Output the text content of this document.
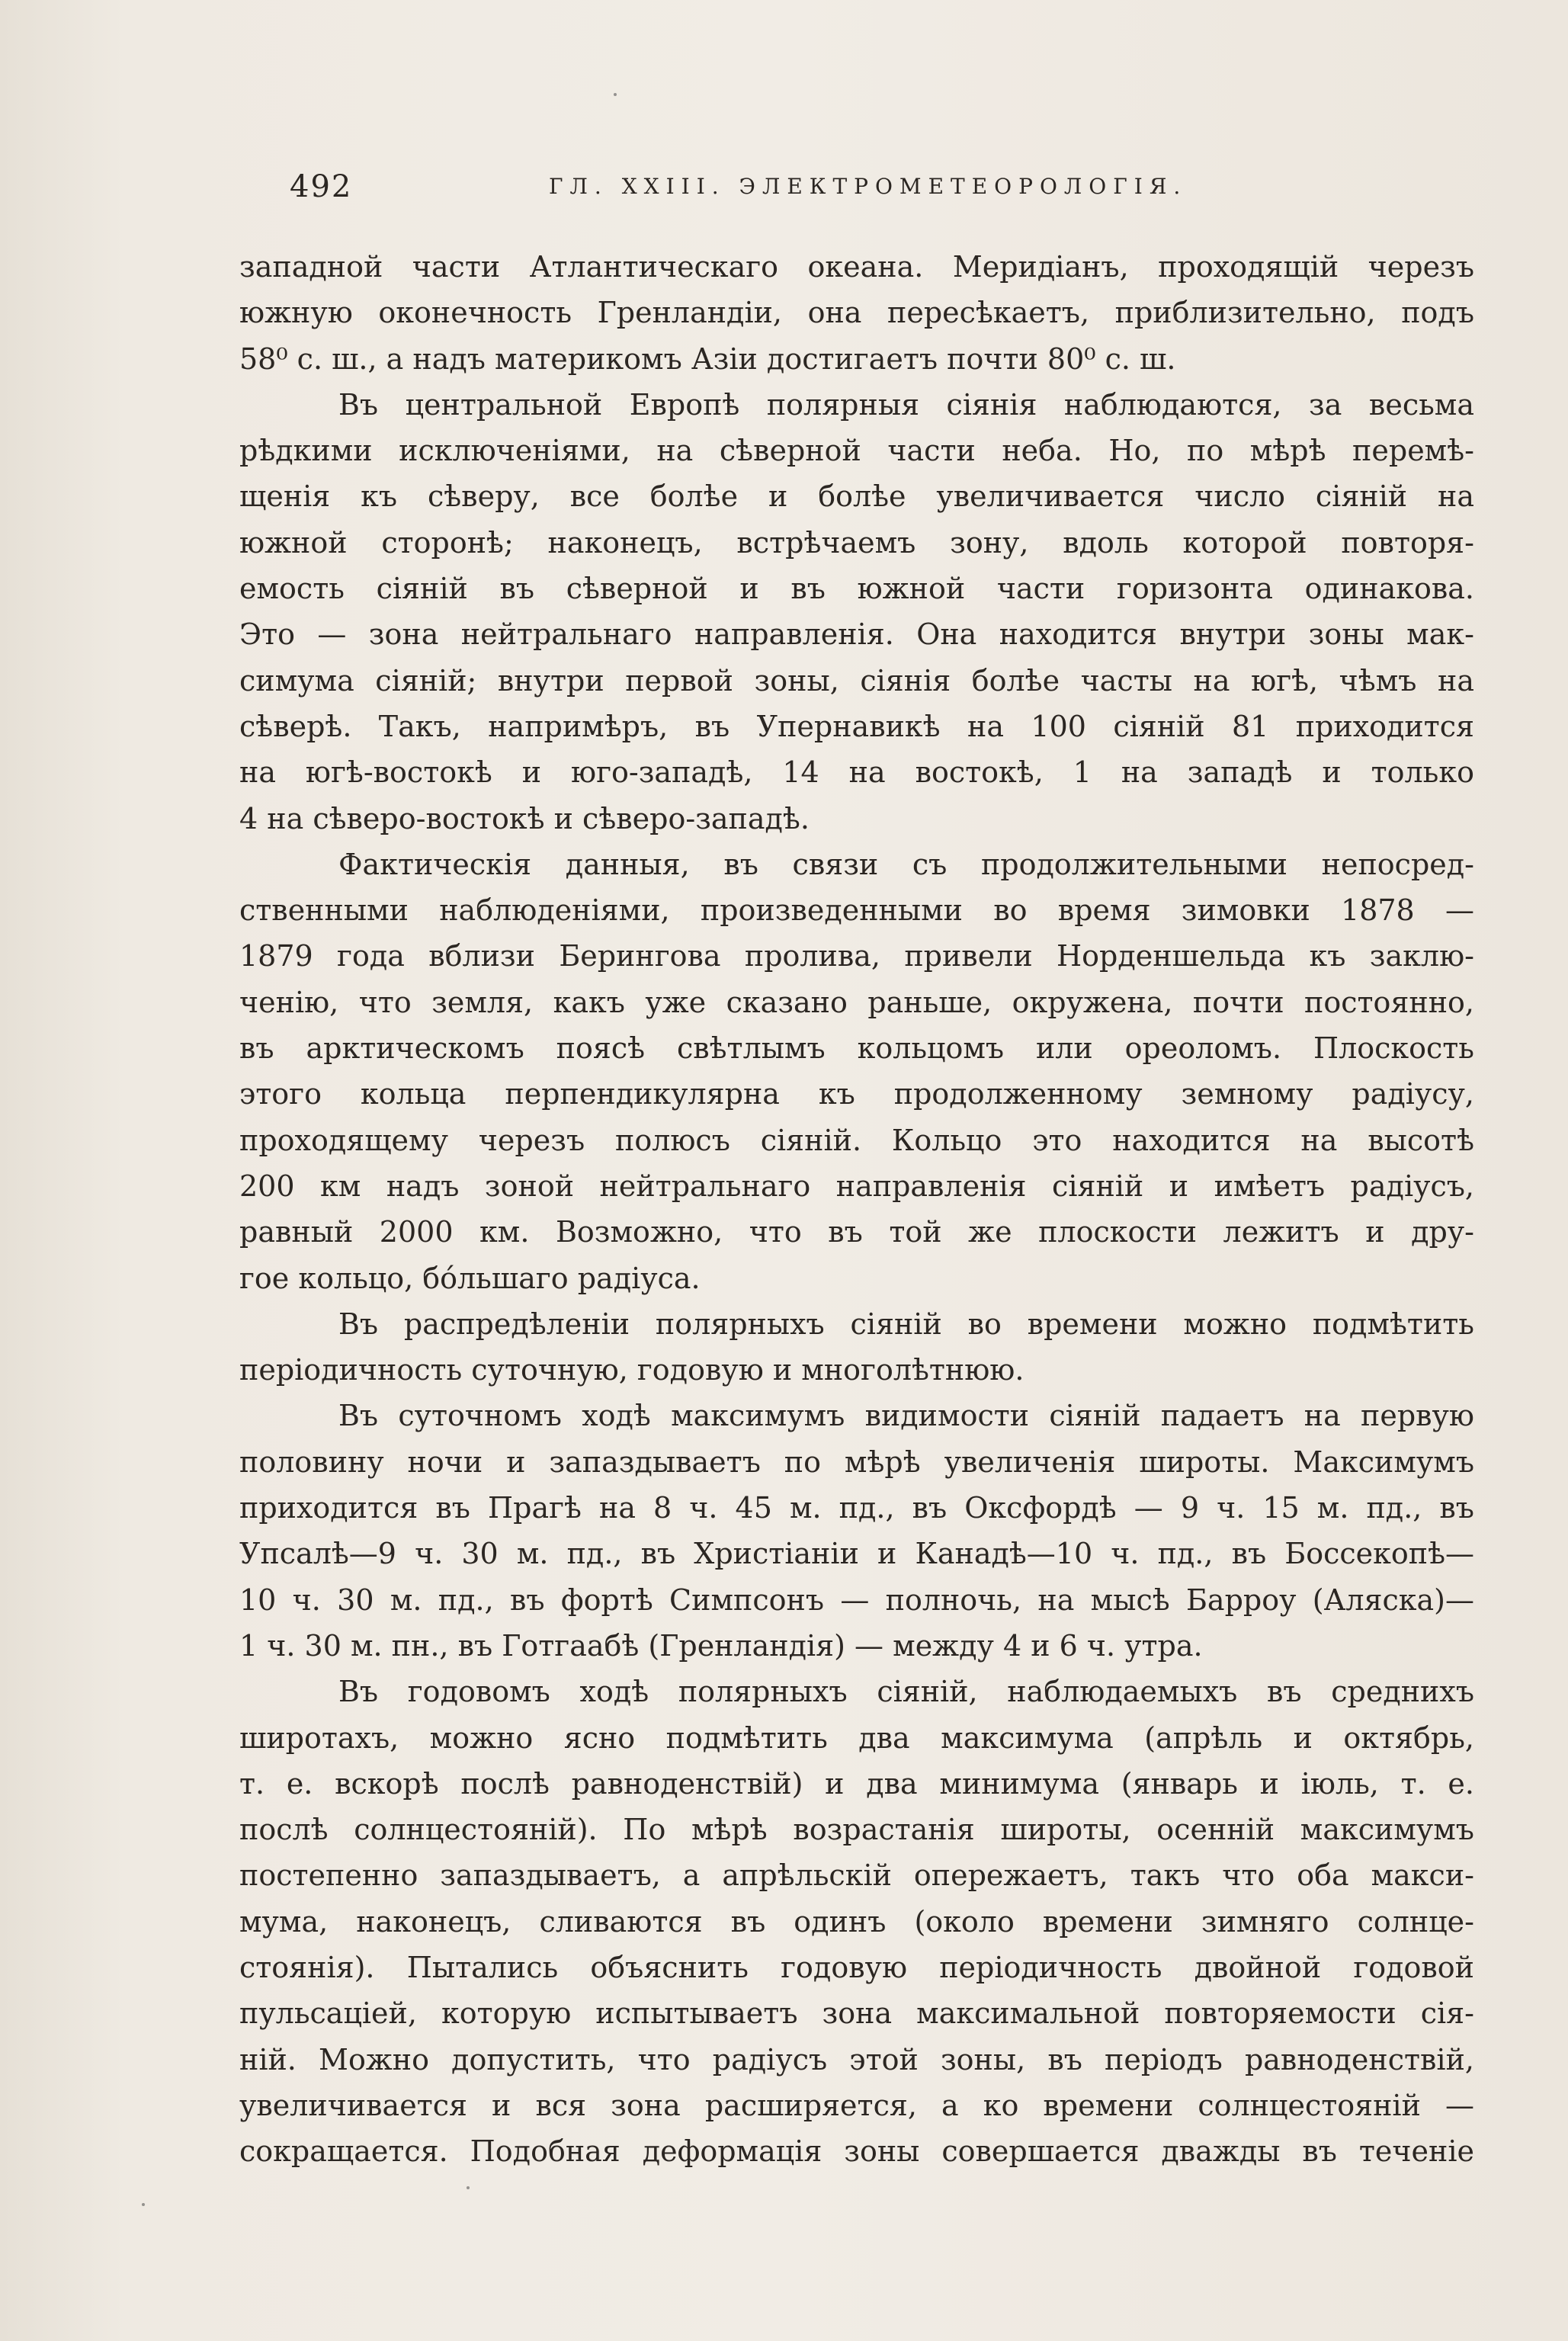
492	ГЛ. XXIII. ЭЛЕКТРОМЕТЕОРОЛОГІЯ.
западной части Атлантическаго океана. Меридіанъ, проходящій черезъ
южную оконечность Гренландіи, она пересѣкаетъ, приблизительно, подъ
58⁰ с. ш., а надъ материкомъ Азіи достигаетъ почти 80⁰ с. ш.
Въ центральной Европѣ полярныя сіянія наблюдаются, за весьма
рѣдкими исключеніями, на сѣверной части неба. Но, по мѣрѣ перемѣ-
щенія къ сѣверу, все болѣе и болѣе увеличивается число сіяній на
южной сторонѣ; наконецъ, встрѣчаемъ зону, вдоль которой повторя-
емость сіяній въ сѣверной и въ южной части горизонта одинакова.
Это — зона нейтральнаго направленія. Она находится внутри зоны мак-
симума сіяній; внутри первой зоны, сіянія болѣе часты на югѣ, чѣмъ на
сѣверѣ. Такъ, напримѣръ, въ Упернавикѣ на 100 сіяній 81 приходится
на югѣ-востокѣ и юго-западѣ, 14 на востокѣ, 1 на западѣ и только
4 на сѣверо-востокѣ и сѣверо-западѣ.
Фактическія данныя, въ связи съ продолжительными непосред-
ственными наблюденіями, произведенными во время зимовки 1878 —
1879 года вблизи Берингова пролива, привели Норденшельда къ заклю-
ченію, что земля, какъ уже сказано раньше, окружена, почти постоянно,
въ арктическомъ поясѣ свѣтлымъ кольцомъ или ореоломъ. Плоскость
этого кольца перпендикулярна къ продолженному земному радіусу,
проходящему черезъ полюсъ сіяній. Кольцо это находится на высотѣ
200 км надъ зоной нейтральнаго направленія сіяній и имѣетъ радіусъ,
равный 2000 км. Возможно, что въ той же плоскости лежитъ и дру-
гое кольцо, бо́льшаго радіуса.
Въ распредѣленіи полярныхъ сіяній во времени можно подмѣтить
періодичность суточную, годовую и многолѣтнюю.
Въ суточномъ ходѣ максимумъ видимости сіяній падаетъ на первую
половину ночи и запаздываетъ по мѣрѣ увеличенія широты. Максимумъ
приходится въ Прагѣ на 8 ч. 45 м. пд., въ Оксфордѣ — 9 ч. 15 м. пд., въ
Упсалѣ—9 ч. 30 м. пд., въ Христіаніи и Канадѣ—10 ч. пд., въ Боссекопѣ—
10 ч. 30 м. пд., въ фортѣ Симпсонъ — полночь, на мысѣ Барроу (Аляска)—
1 ч. 30 м. пн., въ Готгаабѣ (Гренландія) — между 4 и 6 ч. утра.
Въ годовомъ ходѣ полярныхъ сіяній, наблюдаемыхъ въ среднихъ
широтахъ, можно ясно подмѣтить два максимума (апрѣль и октябрь,
т. е. вскорѣ послѣ равноденствій) и два минимума (январь и іюль, т. е.
послѣ солнцестояній). По мѣрѣ возрастанія широты, осенній максимумъ
постепенно запаздываетъ, а апрѣльскій опережаетъ, такъ что оба макси-
мума, наконецъ, сливаются въ одинъ (около времени зимняго солнце-
стоянія). Пытались объяснить годовую періодичность двойной годовой
пульсаціей, которую испытываетъ зона максимальной повторяемости сія-
ній. Можно допустить, что радіусъ этой зоны, въ періодъ равноденствій,
увеличивается и вся зона расширяется, а ко времени солнцестояній —
сокращается. Подобная деформація зоны совершается дважды въ теченіе
